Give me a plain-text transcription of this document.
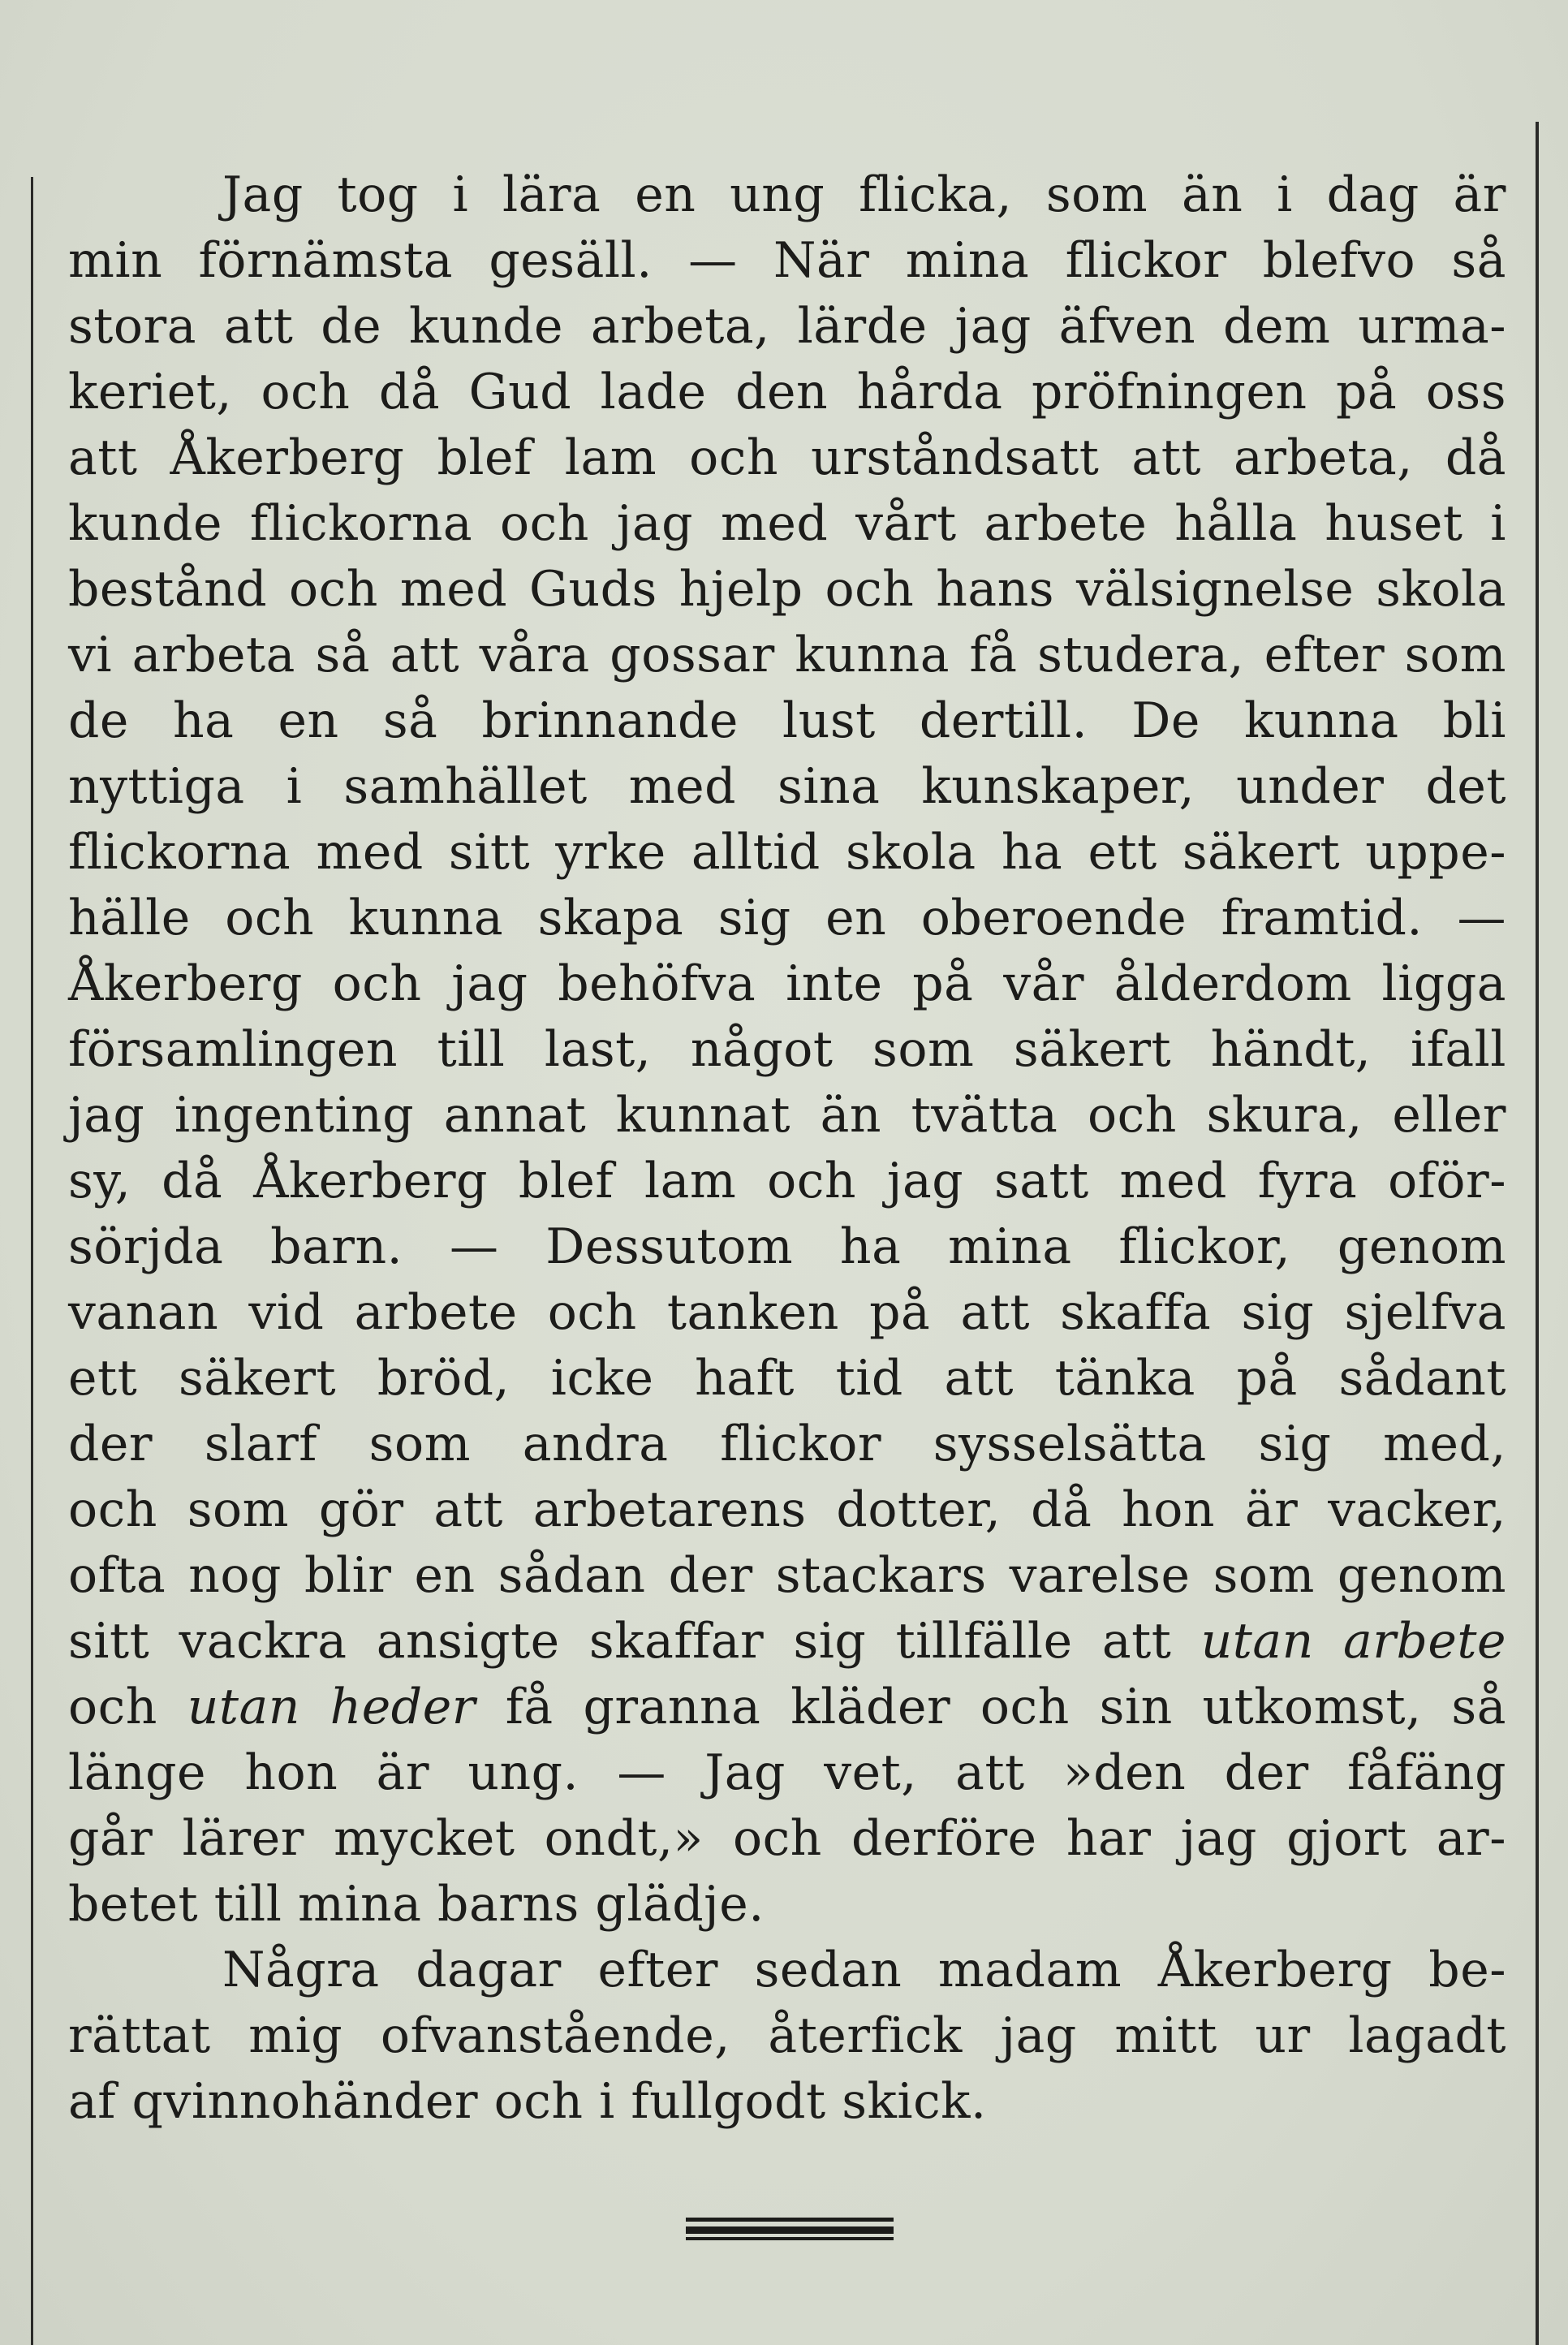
Jag tog i lära en ung flicka, som än i dag är
min förnämsta gesäll. — När mina flickor blefvo så
stora att de kunde arbeta, lärde jag äfven dem urma-
keriet, och då Gud lade den hårda pröfningen på oss
att Åkerberg blef lam och urståndsatt att arbeta, då
kunde flickorna och jag med vårt arbete hålla huset i
bestånd och med Guds hjelp och hans välsignelse skola
vi arbeta så att våra gossar kunna få studera, efter som
de ha en så brinnande lust dertill. De kunna bli
nyttiga i samhället med sina kunskaper, under det
flickorna med sitt yrke alltid skola ha ett säkert uppe-
hälle och kunna skapa sig en oberoende framtid. —
Åkerberg och jag behöfva inte på vår ålderdom ligga
församlingen till last, något som säkert händt, ifall
jag ingenting annat kunnat än tvätta och skura, eller
sy, då Åkerberg blef lam och jag satt med fyra oför-
sörjda barn. — Dessutom ha mina flickor, genom
vanan vid arbete och tanken på att skaffa sig sjelfva
ett säkert bröd, icke haft tid att tänka på sådant
der slarf som andra flickor sysselsätta sig med,
och som gör att arbetarens dotter, då hon är vacker,
ofta nog blir en sådan der stackars varelse som genom
sitt vackra ansigte skaffar sig tillfälle att utan arbete
och utan heder få granna kläder och sin utkomst, så
länge hon är ung. — Jag vet, att »den der fåfäng
går lärer mycket ondt,» och derföre har jag gjort ar-
betet till mina barns glädje.

Några dagar efter sedan madam Åkerberg be-
rättat mig ofvanstående, återfick jag mitt ur lagadt
af qvinnohänder och i fullgodt skick.
